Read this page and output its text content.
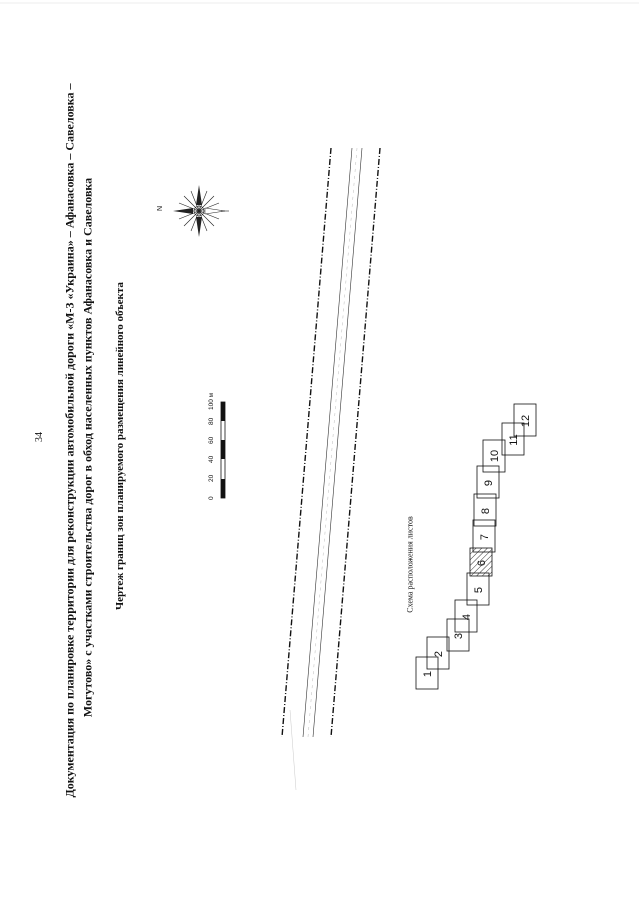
34 Документация по планировке территории для реконструкции автомобильной дороги «М-3 «Украина» – Афанасовка – Савеловка – Могутово» с участками строительства дорог в обход населенных пунктов Афанасовка и Савеловка Чертеж границ зон планируемого размещения линейного объекта	Схема расположения листов
N
0
20
40
60
80
100 м
1
2
3
4
5
6
7
8
9
10
11
12
